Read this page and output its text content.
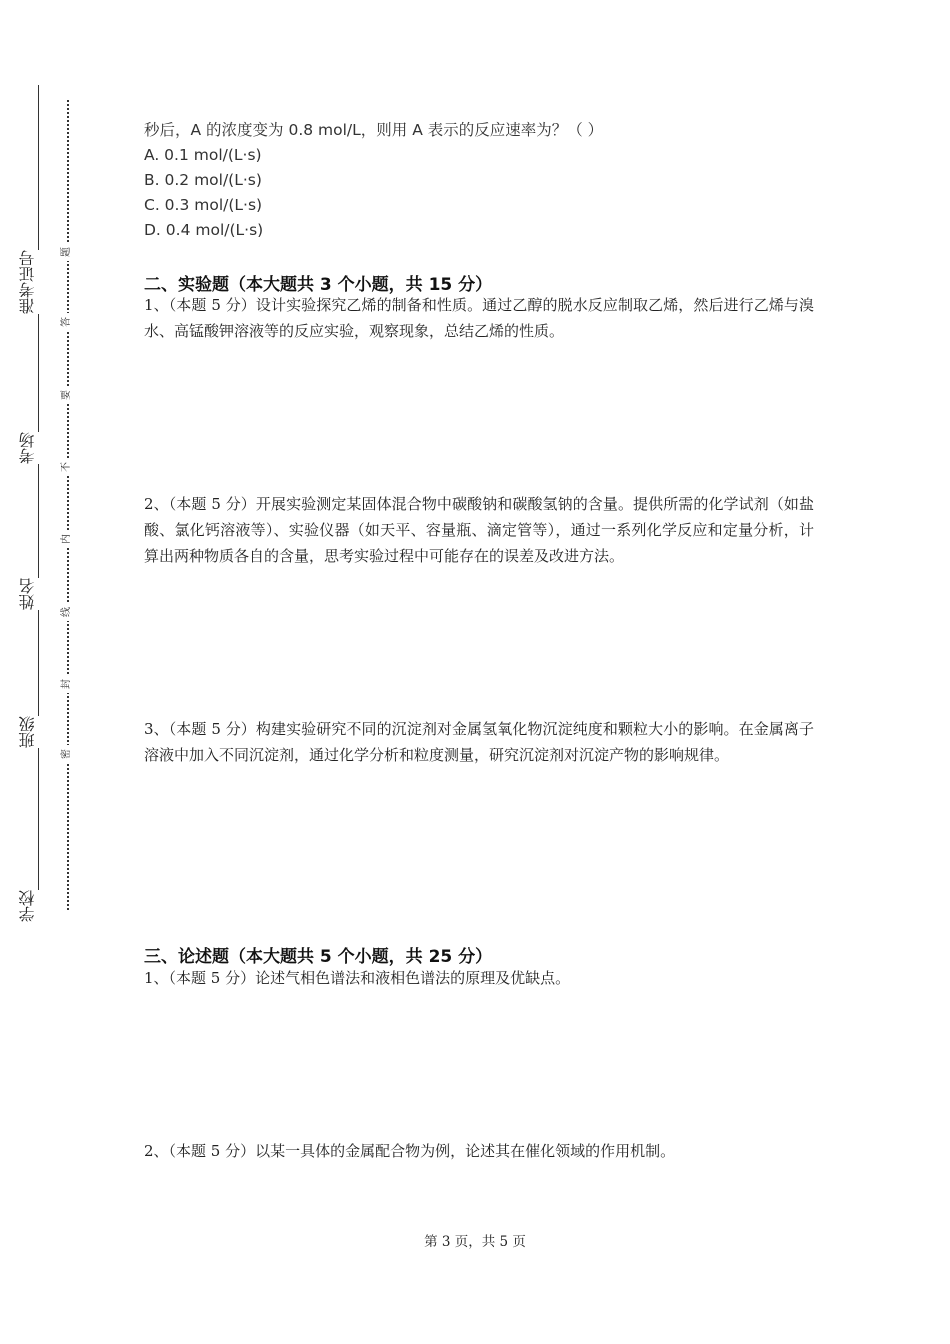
准考证号
考场
姓名
班级
学校
题
答
要
不
内
线
封
密
秒后，A 的浓度变为 0.8 mol/L，则用 A 表示的反应速率为？（ ）
A. 0.1 mol/(L·s)
B. 0.2 mol/(L·s)
C. 0.3 mol/(L·s)
D. 0.4 mol/(L·s)
二、实验题（本大题共 3 个小题，共 15 分）
1、（本题 5 分）设计实验探究乙烯的制备和性质。通过乙醇的脱水反应制取乙烯，然后进行乙烯与溴水、高锰酸钾溶液等的反应实验，观察现象，总结乙烯的性质。
2、（本题 5 分）开展实验测定某固体混合物中碳酸钠和碳酸氢钠的含量。提供所需的化学试剂（如盐酸、氯化钙溶液等）、实验仪器（如天平、容量瓶、滴定管等），通过一系列化学反应和定量分析，计算出两种物质各自的含量，思考实验过程中可能存在的误差及改进方法。
3、（本题 5 分）构建实验研究不同的沉淀剂对金属氢氧化物沉淀纯度和颗粒大小的影响。在金属离子溶液中加入不同沉淀剂，通过化学分析和粒度测量，研究沉淀剂对沉淀产物的影响规律。
三、论述题（本大题共 5 个小题，共 25 分）
1、（本题 5 分）论述气相色谱法和液相色谱法的原理及优缺点。
2、（本题 5 分）以某一具体的金属配合物为例，论述其在催化领域的作用机制。
第 3 页，共 5 页
